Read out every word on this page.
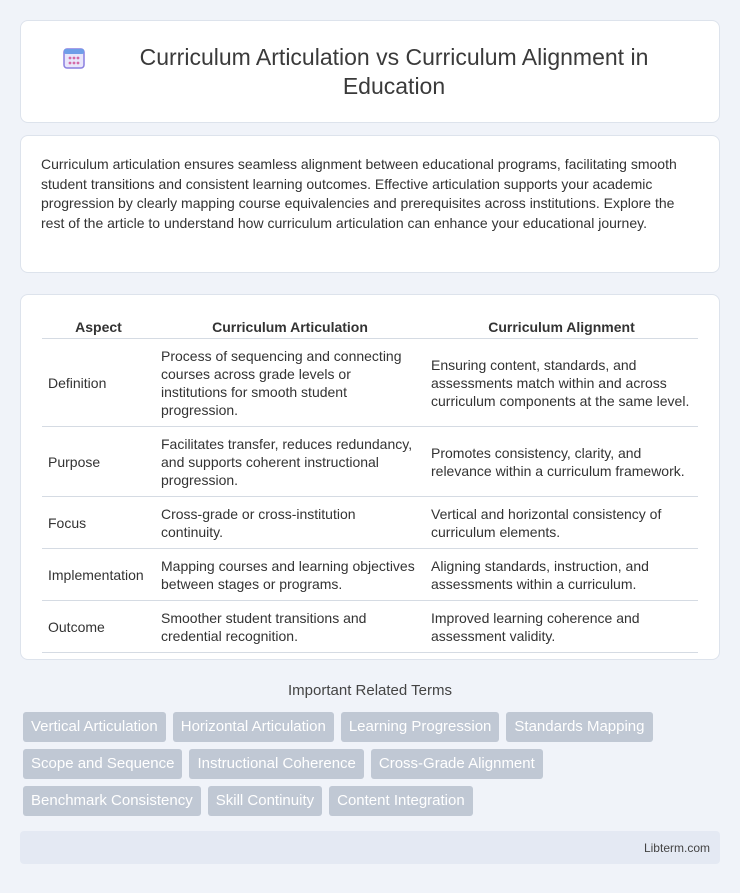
Curriculum Articulation vs Curriculum Alignment in Education

Curriculum articulation ensures seamless alignment between educational programs, facilitating smooth student transitions and consistent learning outcomes. Effective articulation supports your academic progression by clearly mapping course equivalencies and prerequisites across institutions. Explore the rest of the article to understand how curriculum articulation can enhance your educational journey.

Aspect	Curriculum Articulation	Curriculum Alignment
Definition	Process of sequencing and connecting courses across grade levels or institutions for smooth student progression.	Ensuring content, standards, and assessments match within and across curriculum components at the same level.
Purpose	Facilitates transfer, reduces redundancy, and supports coherent instructional progression.	Promotes consistency, clarity, and relevance within a curriculum framework.
Focus	Cross-grade or cross-institution continuity.	Vertical and horizontal consistency of curriculum elements.
Implementation	Mapping courses and learning objectives between stages or programs.	Aligning standards, instruction, and assessments within a curriculum.
Outcome	Smoother student transitions and credential recognition.	Improved learning coherence and assessment validity.
Important Related Terms
Vertical Articulation	Horizontal Articulation	Learning Progression	Standards Mapping
Scope and Sequence	Instructional Coherence	Cross-Grade Alignment
Benchmark Consistency	Skill Continuity	Content Integration
Libterm.com
